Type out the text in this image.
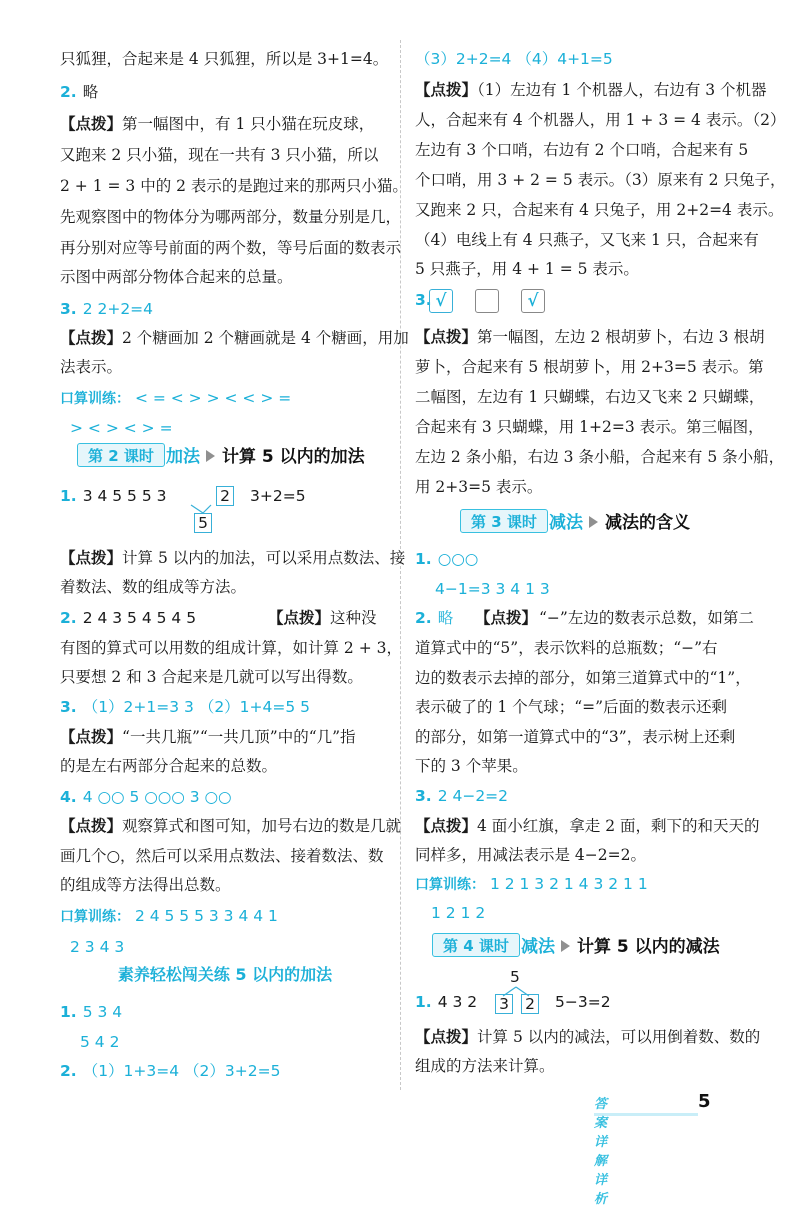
只狐狸，合起来是 4 只狐狸，所以是 3+1=4。
2. 略
【点拨】第一幅图中，有 1 只小猫在玩皮球，
又跑来 2 只小猫，现在一共有 3 只小猫，所以
2 + 1 = 3 中的 2 表示的是跑过来的那两只小猫。
先观察图中的物体分为哪两部分，数量分别是几，
再分别对应等号前面的两个数，等号后面的数表示
示图中两部分物体合起来的总量。
3. 2 2+2=4
【点拨】2 个糖画加 2 个糖画就是 4 个糖画，用加
法表示。
口算训练： < = < > > < < > =
> < > < > =
第 2 课时 加法 计算 5 以内的加法
1. 3 4 5 5 5 3	2 3+2=5
5
【点拨】计算 5 以内的加法，可以采用点数法、接
着数法、数的组成等方法。
2. 2 4 3 5 4 5 4 5	【点拨】 这种没
有图的算式可以用数的组成计算，如计算 2 + 3，
只要想 2 和 3 合起来是几就可以写出得数。
3. （1）2+1=3 3 （2）1+4=5 5
【点拨】“一共几瓶”“一共几顶”中的“几”指
的是左右两部分合起来的总数。
4. 4 ○○ 5 ○○○ 3 ○○
【点拨】观察算式和图可知，加号右边的数是几就
画几个○，然后可以采用点数法、接着数法、数
的组成等方法得出总数。
口算训练： 2 4 5 5 5 3 3 4 4 1
2 3 4 3
素养轻松闯关练 5 以内的加法
1. 5 3 4
5 4 2
2. （1）1+3=4 （2）3+2=5
（3）2+2=4 （4）4+1=5
【点拨】（1）左边有 1 个机器人，右边有 3 个机器
人，合起来有 4 个机器人，用 1 + 3 = 4 表示。（2）
左边有 3 个口哨，右边有 2 个口哨，合起来有 5
个口哨，用 3 + 2 = 5 表示。（3）原来有 2 只兔子，
又跑来 2 只，合起来有 4 只兔子，用 2+2=4 表示。
（4）电线上有 4 只燕子，又飞来 1 只，合起来有
5 只燕子，用 4 + 1 = 5 表示。
3. √	√
【点拨】第一幅图，左边 2 根胡萝卜，右边 3 根胡
萝卜，合起来有 5 根胡萝卜，用 2+3=5 表示。第
二幅图，左边有 1 只蝴蝶，右边又飞来 2 只蝴蝶，
合起来有 3 只蝴蝶，用 1+2=3 表示。第三幅图，
左边 2 条小船，右边 3 条小船，合起来有 5 条小船，
用 2+3=5 表示。
第 3 课时 减法 减法的含义
1. ○○○
4−1=3 3 4 1 3
2. 略 【点拨】 “−”左边的数表示总数，如第二
道算式中的“5”，表示饮料的总瓶数；“−”右
边的数表示去掉的部分，如第三道算式中的“1”，
表示破了的 1 个气球；“=”后面的数表示还剩
的部分，如第一道算式中的“3”，表示树上还剩
下的 3 个苹果。
3. 2 4−2=2
【点拨】4 面小红旗，拿走 2 面，剩下的和天天的
同样多，用减法表示是 4−2=2。
口算训练： 1 2 1 3 2 1 4 3 2 1 1
1 2 1 2
第 4 课时 减法 计算 5 以内的减法
5
1. 4 3 2 3 2 5−3=2
【点拨】计算 5 以内的减法，可以用倒着数、数的
组成的方法来计算。
答案详解详析
5
